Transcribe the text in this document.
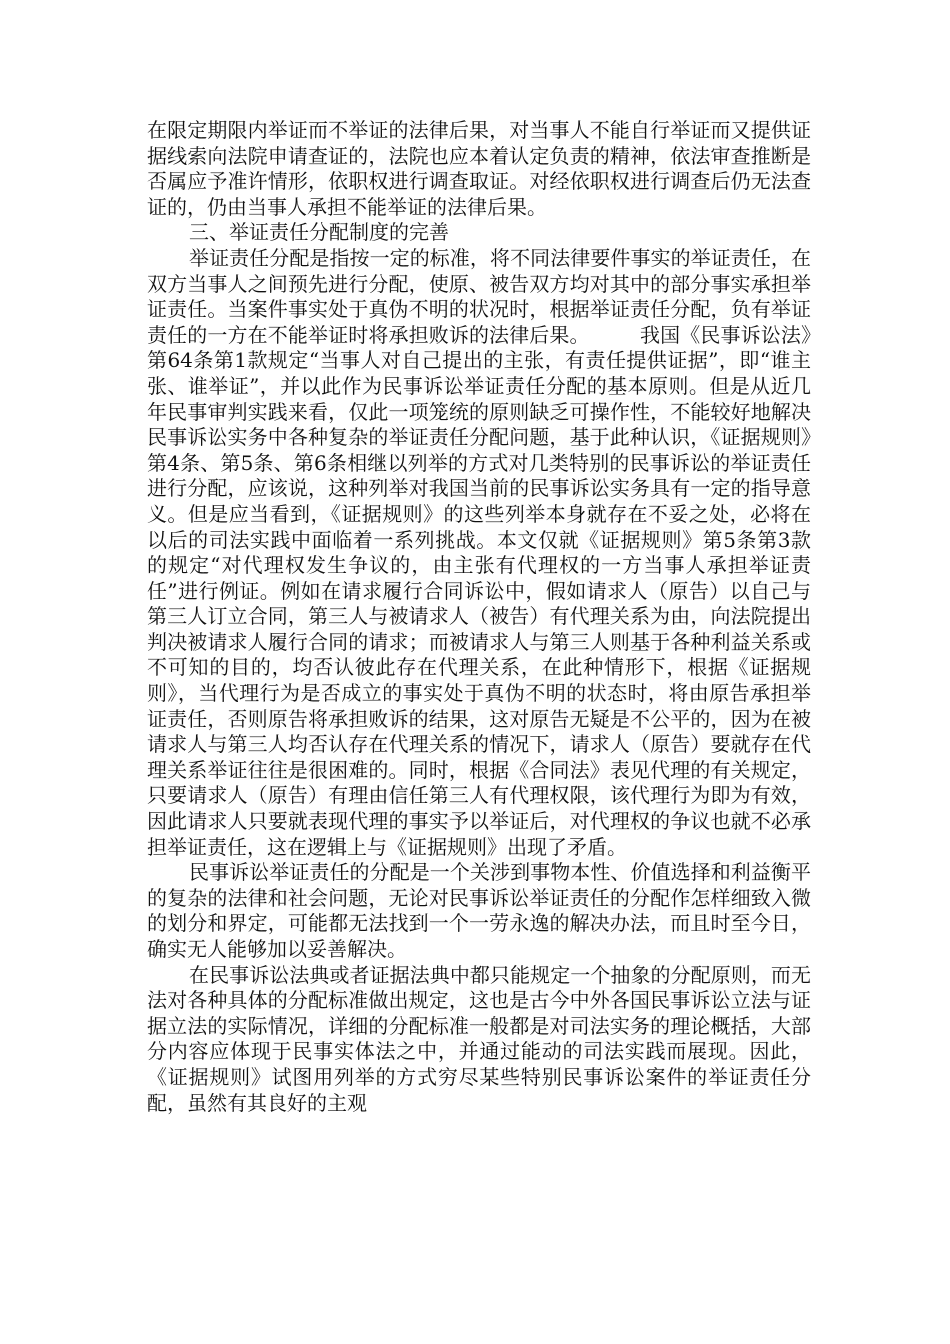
在限定期限内举证而不举证的法律后果，对当事人不能自行举证而又提供证据线索向法院申请查证的，法院也应本着认定负责的精神，依法审查推断是否属应予准许情形，依职权进行调查取证。对经依职权进行调查后仍无法查证的，仍由当事人承担不能举证的法律后果。

三、举证责任分配制度的完善

举证责任分配是指按一定的标准，将不同法律要件事实的举证责任，在双方当事人之间预先进行分配，使原、被告双方均对其中的部分事实承担举证责任。当案件事实处于真伪不明的状况时，根据举证责任分配，负有举证责任的一方在不能举证时将承担败诉的法律后果。　　　我国《民事诉讼法》第64条第1款规定“当事人对自己提出的主张，有责任提供证据”，即“谁主张、谁举证”，并以此作为民事诉讼举证责任分配的基本原则。但是从近几年民事审判实践来看，仅此一项笼统的原则缺乏可操作性，不能较好地解决民事诉讼实务中各种复杂的举证责任分配问题，基于此种认识，《证据规则》第4条、第5条、第6条相继以列举的方式对几类特别的民事诉讼的举证责任进行分配，应该说，这种列举对我国当前的民事诉讼实务具有一定的指导意义。但是应当看到，《证据规则》的这些列举本身就存在不妥之处，必将在以后的司法实践中面临着一系列挑战。本文仅就《证据规则》第5条第3款的规定“对代理权发生争议的，由主张有代理权的一方当事人承担举证责任”进行例证。例如在请求履行合同诉讼中，假如请求人（原告）以自己与第三人订立合同，第三人与被请求人（被告）有代理关系为由，向法院提出判决被请求人履行合同的请求；而被请求人与第三人则基于各种利益关系或不可知的目的，均否认彼此存在代理关系，在此种情形下，根据《证据规则》，当代理行为是否成立的事实处于真伪不明的状态时，将由原告承担举证责任，否则原告将承担败诉的结果，这对原告无疑是不公平的，因为在被请求人与第三人均否认存在代理关系的情况下，请求人（原告）要就存在代理关系举证往往是很困难的。同时，根据《合同法》表见代理的有关规定，只要请求人（原告）有理由信任第三人有代理权限，该代理行为即为有效，因此请求人只要就表现代理的事实予以举证后，对代理权的争议也就不必承担举证责任，这在逻辑上与《证据规则》出现了矛盾。

民事诉讼举证责任的分配是一个关涉到事物本性、价值选择和利益衡平的复杂的法律和社会问题，无论对民事诉讼举证责任的分配作怎样细致入微的划分和界定，可能都无法找到一个一劳永逸的解决办法，而且时至今日，确实无人能够加以妥善解决。

在民事诉讼法典或者证据法典中都只能规定一个抽象的分配原则，而无法对各种具体的分配标准做出规定，这也是古今中外各国民事诉讼立法与证据立法的实际情况，详细的分配标准一般都是对司法实务的理论概括，大部分内容应体现于民事实体法之中，并通过能动的司法实践而展现。因此，《证据规则》试图用列举的方式穷尽某些特别民事诉讼案件的举证责任分配，虽然有其良好的主观
